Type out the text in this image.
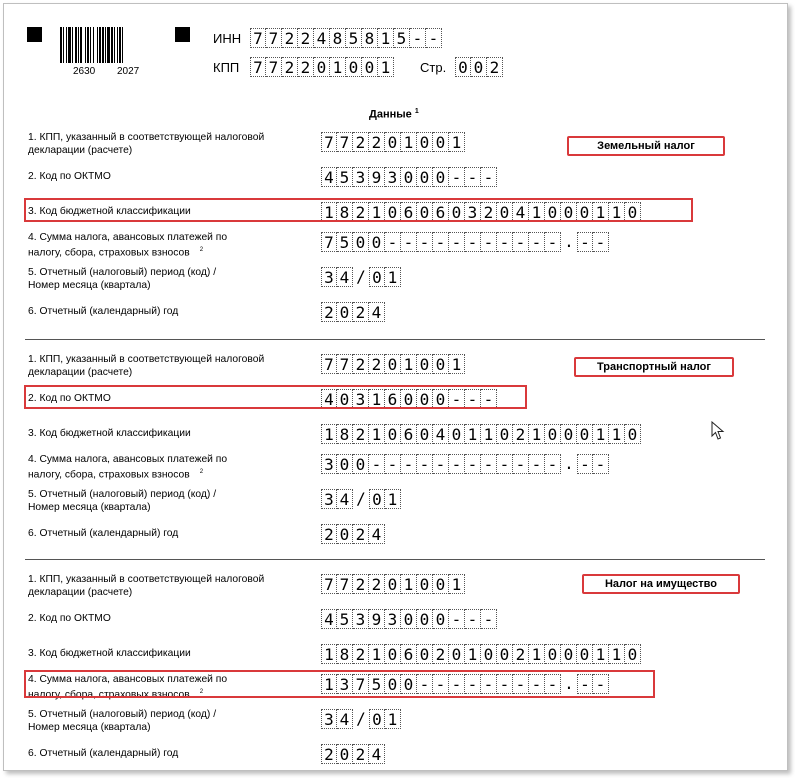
2630 2027
ИНН 7 7 2 2 4 8 5 8 1 5 - -
КПП 7 7 2 2 0 1 0 0 1 Стр. 0 0 2
Данные $^1$
Земельный налог
1. КПП, указанный в соответствующей налоговой декларации (расчете)	7 7 2 2 0 1 0 0 1
2. Код по ОКТМО	4 5 3 9 3 0 0 0 - - -
3. Код бюджетной классификации	1 8 2 1 0 6 0 6 0 3 2 0 4 1 0 0 0 1 1 0
4. Сумма налога, авансовых платежей по налогу, сбора, страховых взносов $^2$	7 5 0 0 - - - - - - - - - - - . - -
5. Отчетный (налоговый) период (код) / Номер месяца (квартала)	3 4 / 0 1
6. Отчетный (календарный) год	2 0 2 4
Транспортный налог
1. КПП, указанный в соответствующей налоговой декларации (расчете)	7 7 2 2 0 1 0 0 1
2. Код по ОКТМО	4 0 3 1 6 0 0 0 - - -
3. Код бюджетной классификации	1 8 2 1 0 6 0 4 0 1 1 0 2 1 0 0 0 1 1 0
4. Сумма налога, авансовых платежей по налогу, сбора, страховых взносов $^2$	3 0 0 - - - - - - - - - - - - . - -
5. Отчетный (налоговый) период (код) / Номер месяца (квартала)	3 4 / 0 1
6. Отчетный (календарный) год	2 0 2 4
Налог на имущество
1. КПП, указанный в соответствующей налоговой декларации (расчете)	7 7 2 2 0 1 0 0 1
2. Код по ОКТМО	4 5 3 9 3 0 0 0 - - -
3. Код бюджетной классификации	1 8 2 1 0 6 0 2 0 1 0 0 2 1 0 0 0 1 1 0
4. Сумма налога, авансовых платежей по налогу, сбора, страховых взносов $^2$	1 3 7 5 0 0 - - - - - - - - - . - -
5. Отчетный (налоговый) период (код) / Номер месяца (квартала)	3 4 / 0 1
6. Отчетный (календарный) год	2 0 2 4
